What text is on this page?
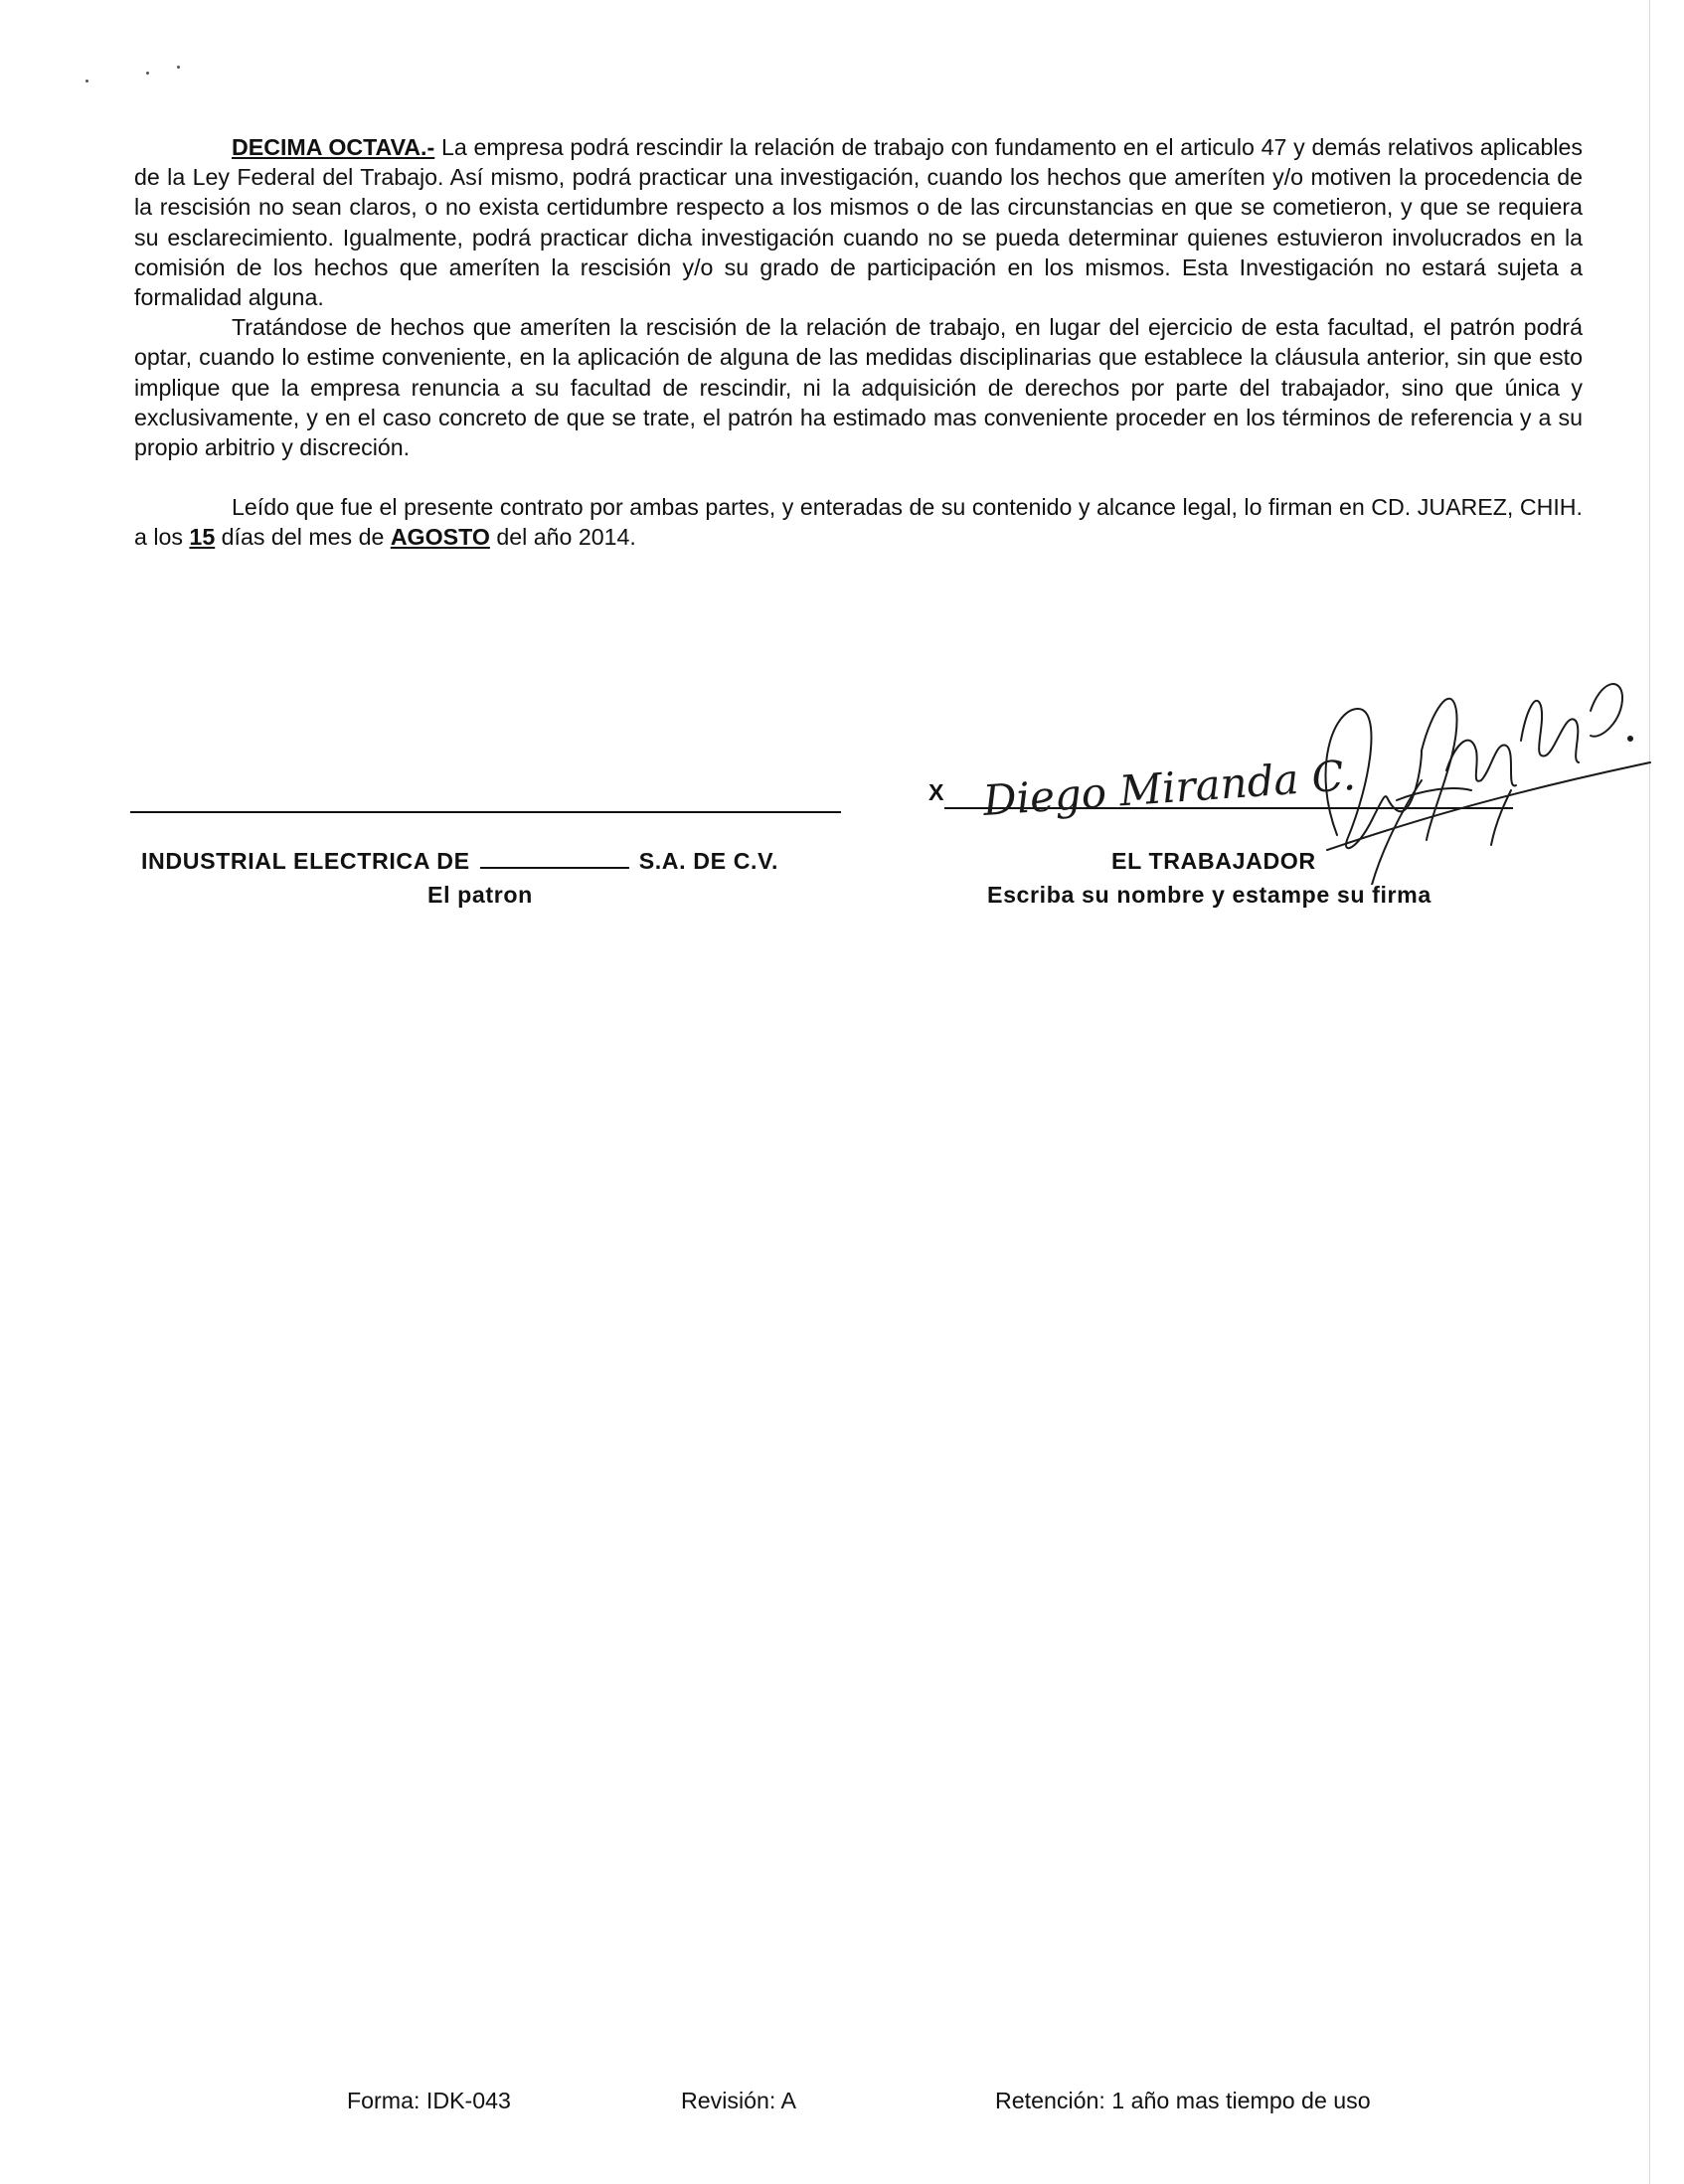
DECIMA OCTAVA.- La empresa podrá rescindir la relación de trabajo con fundamento en el articulo 47 y demás relativos aplicables de la Ley Federal del Trabajo. Así mismo, podrá practicar una investigación, cuando los hechos que ameríten y/o motiven la procedencia de la rescisión no sean claros, o no exista certidumbre respecto a los mismos o de las circunstancias en que se cometieron, y que se requiera su esclarecimiento. Igualmente, podrá practicar dicha investigación cuando no se pueda determinar quienes estuvieron involucrados en la comisión de los hechos que ameríten la rescisión y/o su grado de participación en los mismos. Esta Investigación no estará sujeta a formalidad alguna.

Tratándose de hechos que ameríten la rescisión de la relación de trabajo, en lugar del ejercicio de esta facultad, el patrón podrá optar, cuando lo estime conveniente, en la aplicación de alguna de las medidas disciplinarias que establece la cláusula anterior, sin que esto implique que la empresa renuncia a su facultad de rescindir, ni la adquisición de derechos por parte del trabajador, sino que única y exclusivamente, y en el caso concreto de que se trate, el patrón ha estimado mas conveniente proceder en los términos de referencia y a su propio arbitrio y discreción.

Leído que fue el presente contrato por ambas partes, y enteradas de su contenido y alcance legal, lo firman en CD. JUAREZ, CHIH. a los 15 días del mes de AGOSTO del año 2014.

INDUSTRIAL ELECTRICA DE	S.A. DE C.V.
El patron
X Diego Miranda C.
EL TRABAJADOR
Escriba su nombre y estampe su firma
Forma: IDK-043	Revisión: A	Retención: 1 año mas tiempo de uso
